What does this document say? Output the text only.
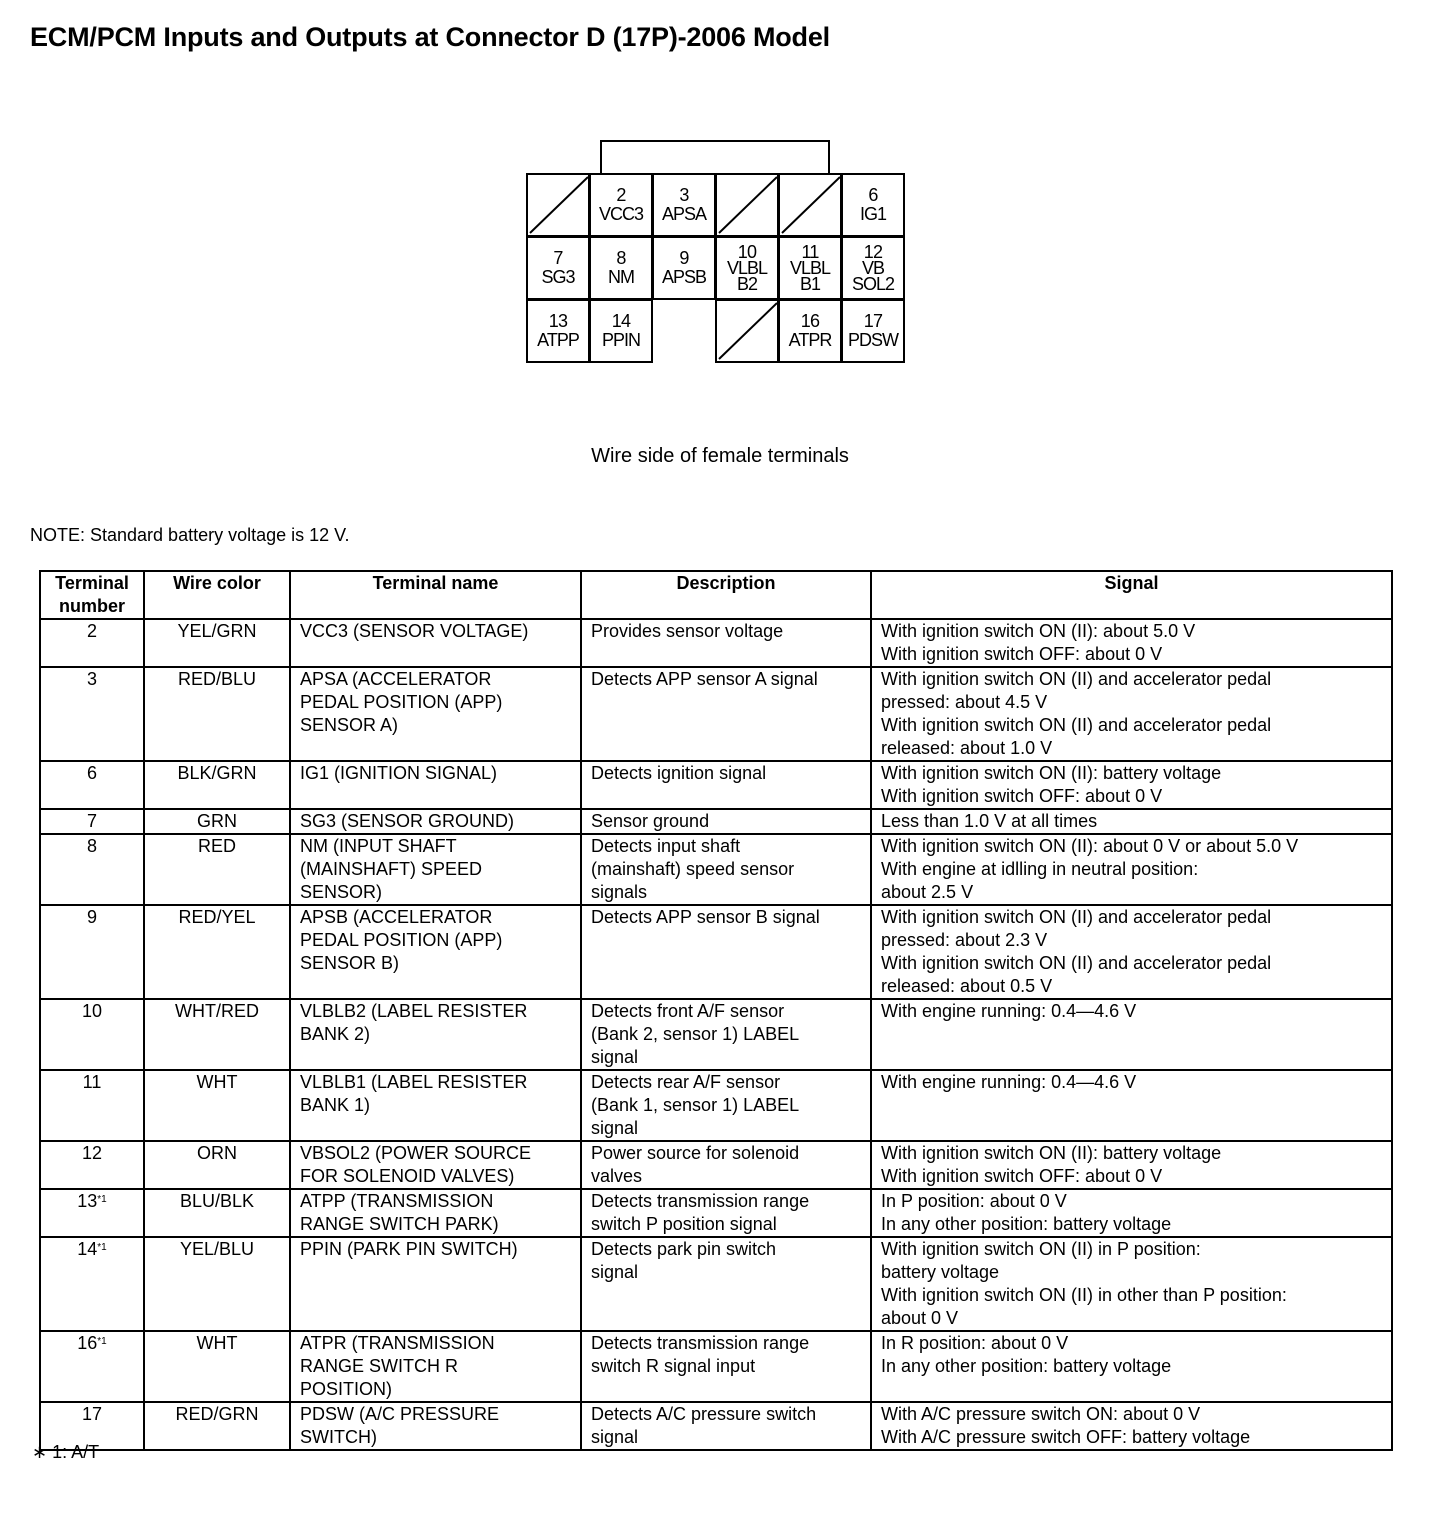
ECM/PCM Inputs and Outputs at Connector D (17P)-2006 Model
2
VCC3
3
APSA
6
IG1
7
SG3
8
NM
9
APSB
10
VLBL
B2
11
VLBL
B1
12
VB
SOL2
13
ATPP
14
PPIN
16
ATPR
17
PDSW
Wire side of female terminals
NOTE: Standard battery voltage is 12 V.
Terminal
number	Wire color	Terminal name	Description	Signal
2	YEL/GRN	VCC3 (SENSOR VOLTAGE)	Provides sensor voltage	With ignition switch ON (II): about 5.0 V
With ignition switch OFF: about 0 V

3	RED/BLU	APSA (ACCELERATOR
PEDAL POSITION (APP)
SENSOR A)	Detects APP sensor A signal	With ignition switch ON (II) and accelerator pedal
pressed: about 4.5 V
With ignition switch ON (II) and accelerator pedal
released: about 1.0 V

6	BLK/GRN	IG1 (IGNITION SIGNAL)	Detects ignition signal	With ignition switch ON (II): battery voltage
With ignition switch OFF: about 0 V

7	GRN	SG3 (SENSOR GROUND)	Sensor ground	Less than 1.0 V at all times

8	RED	NM (INPUT SHAFT
(MAINSHAFT) SPEED
SENSOR)	Detects input shaft
(mainshaft) speed sensor
signals	With ignition switch ON (II): about 0 V or about 5.0 V
With engine at idlling in neutral position:
about 2.5 V

9	RED/YEL	APSB (ACCELERATOR
PEDAL POSITION (APP)
SENSOR B)	Detects APP sensor B signal	With ignition switch ON (II) and accelerator pedal
pressed: about 2.3 V
With ignition switch ON (II) and accelerator pedal
released: about 0.5 V

10	WHT/RED	VLBLB2 (LABEL RESISTER
BANK 2)	Detects front A/F sensor
(Bank 2, sensor 1) LABEL
signal	With engine running: 0.4—4.6 V

11	WHT	VLBLB1 (LABEL RESISTER
BANK 1)	Detects rear A/F sensor
(Bank 1, sensor 1) LABEL
signal	With engine running: 0.4—4.6 V

12	ORN	VBSOL2 (POWER SOURCE
FOR SOLENOID VALVES)	Power source for solenoid
valves	With ignition switch ON (II): battery voltage
With ignition switch OFF: about 0 V

13$^{*1}$	BLU/BLK	ATPP (TRANSMISSION
RANGE SWITCH PARK)	Detects transmission range
switch P position signal	In P position: about 0 V
In any other position: battery voltage

14$^{*1}$	YEL/BLU	PPIN (PARK PIN SWITCH)	Detects park pin switch
signal	With ignition switch ON (II) in P position:
battery voltage
With ignition switch ON (II) in other than P position:
about 0 V

16$^{*1}$	WHT	ATPR (TRANSMISSION
RANGE SWITCH R
POSITION)	Detects transmission range
switch R signal input	In R position: about 0 V
In any other position: battery voltage

17	RED/GRN	PDSW (A/C PRESSURE
SWITCH)	Detects A/C pressure switch
signal	With A/C pressure switch ON: about 0 V
With A/C pressure switch OFF: battery voltage
∗ 1: A/T
